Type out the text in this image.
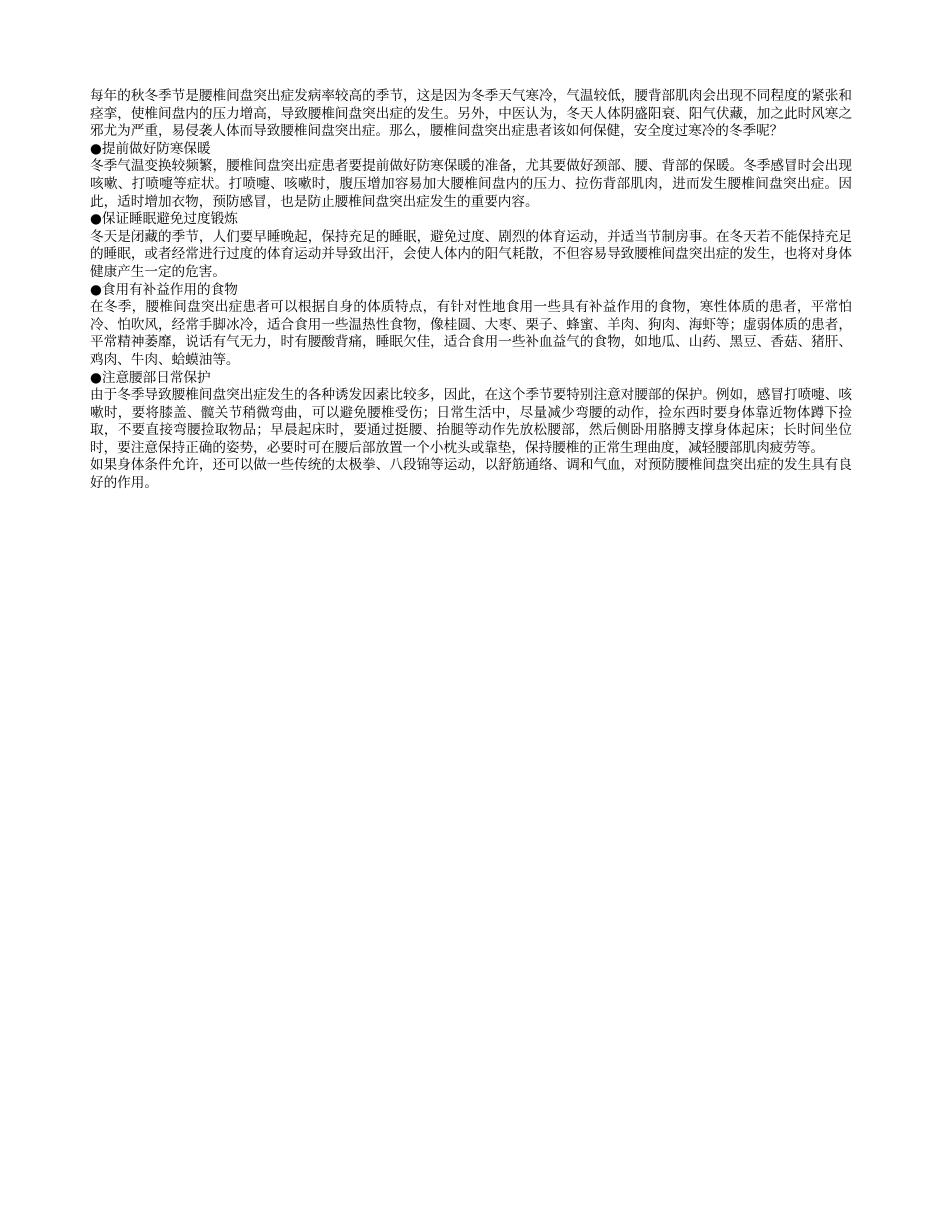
每年的秋冬季节是腰椎间盘突出症发病率较高的季节，这是因为冬季天气寒冷，气温较低，腰背部肌肉会出现不同程度的紧张和痉挛，使椎间盘内的压力增高，导致腰椎间盘突出症的发生。另外，中医认为，冬天人体阴盛阳衰、阳气伏藏，加之此时风寒之邪尤为严重，易侵袭人体而导致腰椎间盘突出症。那么，腰椎间盘突出症患者该如何保健，安全度过寒冷的冬季呢？

●提前做好防寒保暖

冬季气温变换较频繁，腰椎间盘突出症患者要提前做好防寒保暖的准备，尤其要做好颈部、腰、背部的保暖。冬季感冒时会出现咳嗽、打喷嚏等症状。打喷嚏、咳嗽时，腹压增加容易加大腰椎间盘内的压力、拉伤背部肌肉，进而发生腰椎间盘突出症。因此，适时增加衣物，预防感冒，也是防止腰椎间盘突出症发生的重要内容。

●保证睡眠避免过度锻炼

冬天是闭藏的季节，人们要早睡晚起，保持充足的睡眠，避免过度、剧烈的体育运动，并适当节制房事。在冬天若不能保持充足的睡眠，或者经常进行过度的体育运动并导致出汗，会使人体内的阳气耗散，不但容易导致腰椎间盘突出症的发生，也将对身体健康产生一定的危害。

●食用有补益作用的食物

在冬季，腰椎间盘突出症患者可以根据自身的体质特点，有针对性地食用一些具有补益作用的食物，寒性体质的患者，平常怕冷、怕吹风，经常手脚冰冷，适合食用一些温热性食物，像桂圆、大枣、栗子、蜂蜜、羊肉、狗肉、海虾等；虚弱体质的患者，平常精神萎靡，说话有气无力，时有腰酸背痛，睡眠欠佳，适合食用一些补血益气的食物，如地瓜、山药、黑豆、香菇、猪肝、鸡肉、牛肉、蛤蟆油等。

●注意腰部日常保护

由于冬季导致腰椎间盘突出症发生的各种诱发因素比较多，因此，在这个季节要特别注意对腰部的保护。例如，感冒打喷嚏、咳嗽时，要将膝盖、髋关节稍微弯曲，可以避免腰椎受伤；日常生活中，尽量减少弯腰的动作，捡东西时要身体靠近物体蹲下捡取，不要直接弯腰捡取物品；早晨起床时，要通过挺腰、抬腿等动作先放松腰部，然后侧卧用胳膊支撑身体起床；长时间坐位时，要注意保持正确的姿势，必要时可在腰后部放置一个小枕头或靠垫，保持腰椎的正常生理曲度，减轻腰部肌肉疲劳等。

如果身体条件允许，还可以做一些传统的太极拳、八段锦等运动，以舒筋通络、调和气血，对预防腰椎间盘突出症的发生具有良好的作用。
